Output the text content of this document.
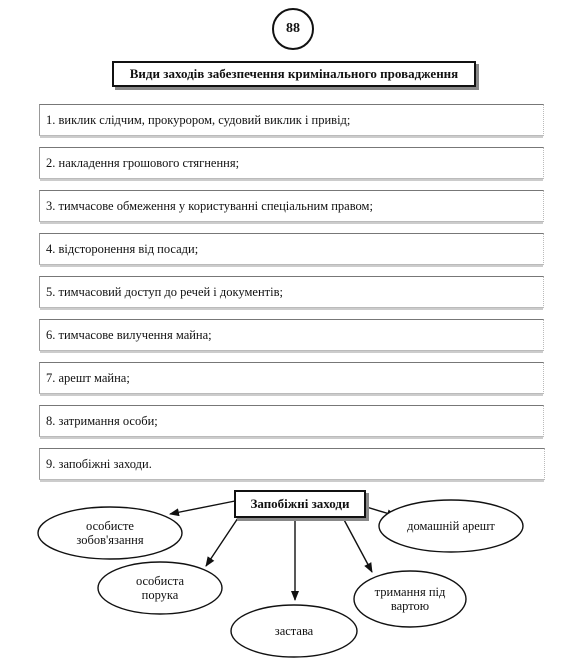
88
Види заходів забезпечення кримінального провадження
1. виклик слідчим, прокурором, судовий виклик і привід;
2. накладення грошового стягнення;
3. тимчасове обмеження у користуванні спеціальним правом;
4. відсторонення від посади;
5. тимчасовий доступ до речей і документів;
6. тимчасове вилучення майна;
7. арешт майна;
8. затримання особи;
9. запобіжні заходи.
Запобіжні заходи
особисте зобов'язання
домашній арешт
особиста порука	тримання під вартою
застава
